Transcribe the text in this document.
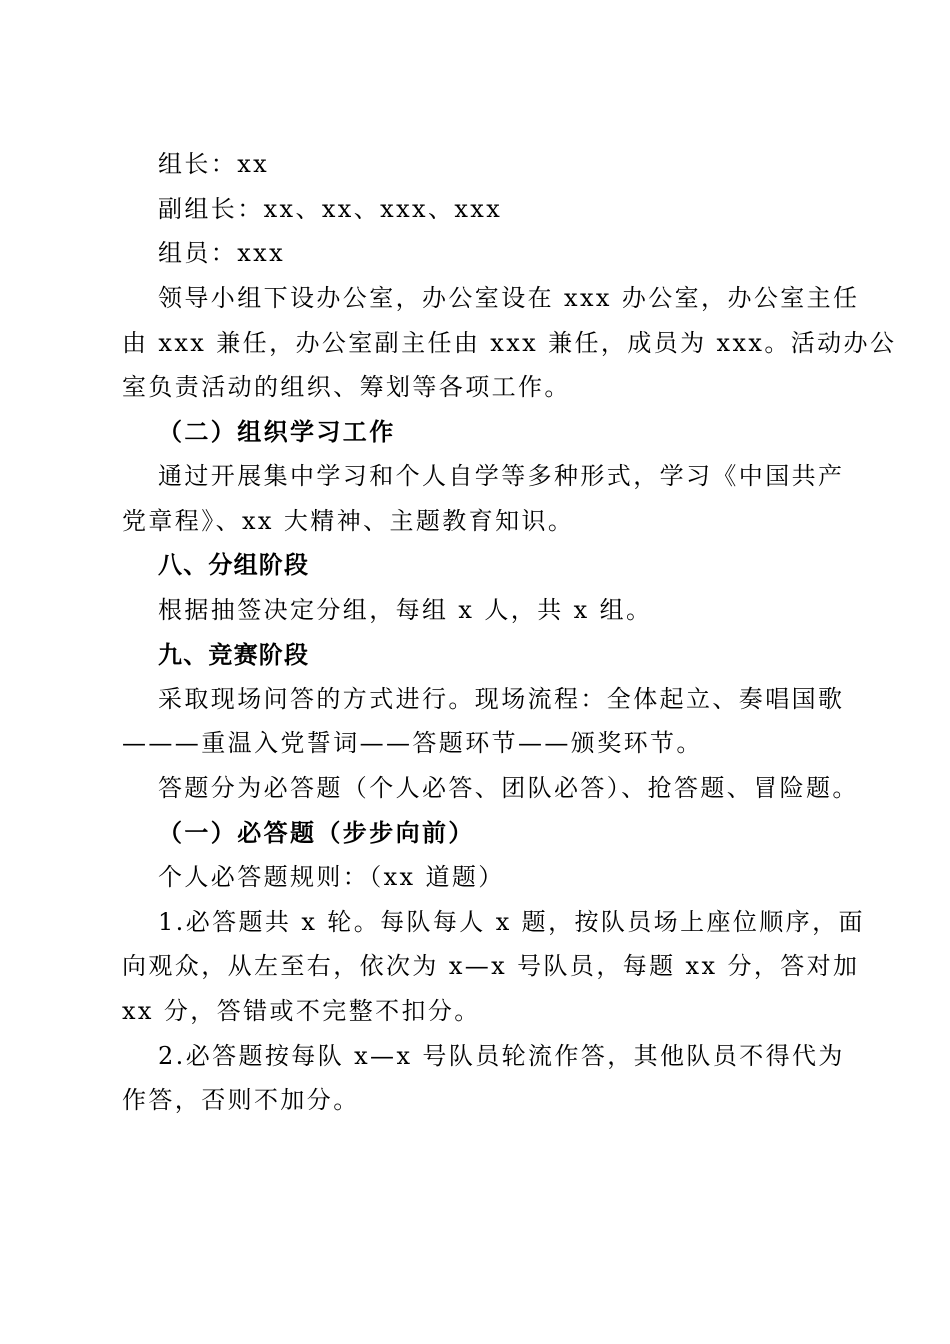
组长：xx
副组长：xx、xx、xxx、xxx
组员：xxx
领导小组下设办公室，办公室设在 xxx 办公室，办公室主任
由 xxx 兼任，办公室副主任由 xxx 兼任，成员为 xxx。活动办公
室负责活动的组织、筹划等各项工作。
（二）组织学习工作
通过开展集中学习和个人自学等多种形式，学习《中国共产
党章程》、xx 大精神、主题教育知识。
八、分组阶段
根据抽签决定分组，每组 x 人，共 x 组。
九、竞赛阶段
采取现场问答的方式进行。现场流程：全体起立、奏唱国歌
———重温入党誓词——答题环节——颁奖环节。
答题分为必答题（个人必答、团队必答）、抢答题、冒险题。
（一）必答题（步步向前）
个人必答题规则：（xx 道题）
1.必答题共 x 轮。每队每人 x 题，按队员场上座位顺序，面
向观众，从左至右，依次为 x—x 号队员，每题 xx 分，答对加
xx 分，答错或不完整不扣分。
2.必答题按每队 x—x 号队员轮流作答，其他队员不得代为
作答，否则不加分。
